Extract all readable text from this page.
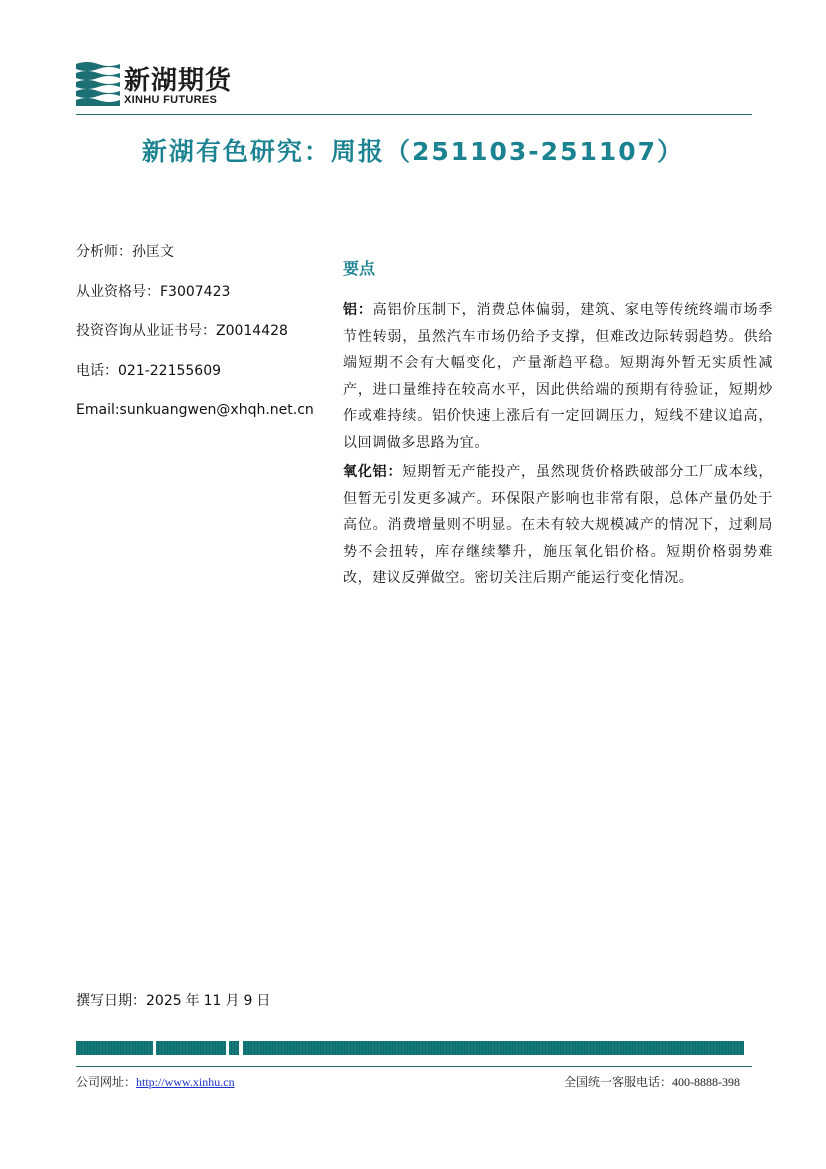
新湖期货
XINHU FUTURES
新湖有色研究：周报（251103-251107）
分析师：孙匡文
从业资格号：F3007423
投资咨询从业证书号：Z0014428
电话：021-22155609
Email:sunkuangwen@xhqh.net.cn
要点

铝：高铝价压制下，消费总体偏弱，建筑、家电等传统终端市场季节性转弱，虽然汽车市场仍给予支撑，但难改边际转弱趋势。供给端短期不会有大幅变化，产量渐趋平稳。短期海外暂无实质性减产，进口量维持在较高水平，因此供给端的预期有待验证，短期炒作或难持续。铝价快速上涨后有一定回调压力，短线不建议追高，以回调做多思路为宜。

氧化铝：短期暂无产能投产，虽然现货价格跌破部分工厂成本线，但暂无引发更多减产。环保限产影响也非常有限，总体产量仍处于高位。消费增量则不明显。在未有较大规模减产的情况下，过剩局势不会扭转，库存继续攀升，施压氧化铝价格。短期价格弱势难改，建议反弹做空。密切关注后期产能运行变化情况。

撰写日期：2025 年 11 月 9 日
公司网址：http://www.xinhu.cn	全国统一客服电话：400-8888-398
